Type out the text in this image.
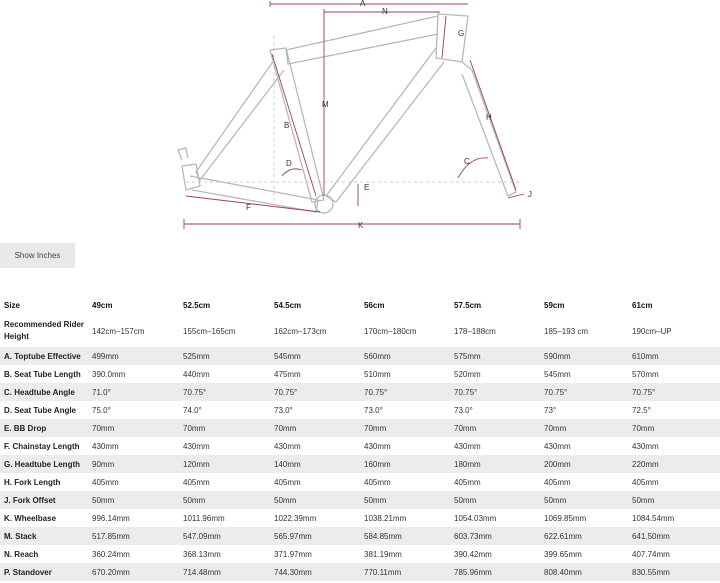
A
N
G
M
B
H
D	C
E
J
F
K
Show Inches
Size	49cm	52.5cm	54.5cm	56cm	57.5cm	59cm	61cm
Recommended Rider Height	142cm–157cm	155cm–165cm	162cm–173cm	170cm–180cm	178–188cm	185–193 cm	190cm–UP
A. Toptube Effective	499mm	525mm	545mm	560mm	575mm	590mm	610mm
B. Seat Tube Length	390.0mm	440mm	475mm	510mm	520mm	545mm	570mm
C. Headtube Angle	71.0°	70.75°	70.75°	70.75°	70.75°	70.75°	70.75°
D. Seat Tube Angle	75.0°	74.0°	73.0°	73.0°	73.0°	73°	72.5°
E. BB Drop	70mm	70mm	70mm	70mm	70mm	70mm	70mm
F. Chainstay Length	430mm	430mm	430mm	430mm	430mm	430mm	430mm
G. Headtube Length	90mm	120mm	140mm	160mm	180mm	200mm	220mm
H. Fork Length	405mm	405mm	405mm	405mm	405mm	405mm	405mm
J. Fork Offset	50mm	50mm	50mm	50mm	50mm	50mm	50mm
K. Wheelbase	996.14mm	1011.96mm	1022.39mm	1038.21mm	1054.03mm	1069.85mm	1084.54mm
M. Stack	517.85mm	547.09mm	565.97mm	584.85mm	603.73mm	622.61mm	641.50mm
N. Reach	360.24mm	368.13mm	371.97mm	381.19mm	390.42mm	399.65mm	407.74mm
P. Standover	670.20mm	714.48mm	744.30mm	770.11mm	785.96mm	808.40mm	830.55mm
